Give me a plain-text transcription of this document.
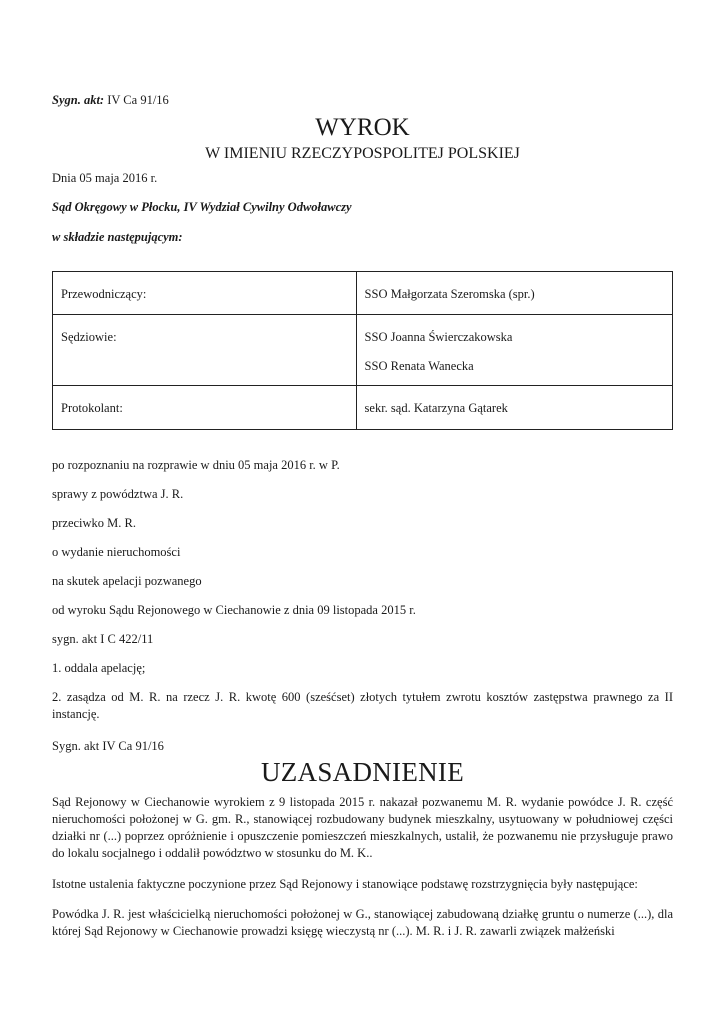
Sygn. akt: IV Ca 91/16

WYROK
W IMIENIU RZECZYPOSPOLITEJ POLSKIEJ

Dnia 05 maja 2016 r.

Sąd Okręgowy w Płocku, IV Wydział Cywilny Odwoławczy

w składzie następującym:

Przewodniczący:	SSO Małgorzata Szeromska (spr.)

Sędziowie:	SSO Joanna Świerczakowska
SSO Renata Wanecka

Protokolant:	sekr. sąd. Katarzyna Gątarek

po rozpoznaniu na rozprawie w dniu 05 maja 2016 r. w P.

sprawy z powództwa J. R.

przeciwko M. R.

o wydanie nieruchomości

na skutek apelacji pozwanego

od wyroku Sądu Rejonowego w Ciechanowie z dnia 09 listopada 2015 r.

sygn. akt I C 422/11

1. oddala apelację;

2. zasądza od M. R. na rzecz J. R. kwotę 600 (sześćset) złotych tytułem zwrotu kosztów zastępstwa prawnego za II instancję.

Sygn. akt IV Ca 91/16

UZASADNIENIE

Sąd Rejonowy w Ciechanowie wyrokiem z 9 listopada 2015 r. nakazał pozwanemu M. R. wydanie powódce J. R. część nieruchomości położonej w G. gm. R., stanowiącej rozbudowany budynek mieszkalny, usytuowany w południowej części działki nr (...) poprzez opróżnienie i opuszczenie pomieszczeń mieszkalnych, ustalił, że pozwanemu nie przysługuje prawo do lokalu socjalnego i oddalił powództwo w stosunku do M. K..

Istotne ustalenia faktyczne poczynione przez Sąd Rejonowy i stanowiące podstawę rozstrzygnięcia były następujące:

Powódka J. R. jest właścicielką nieruchomości położonej w G., stanowiącej zabudowaną działkę gruntu o numerze (...), dla której Sąd Rejonowy w Ciechanowie prowadzi księgę wieczystą nr (...). M. R. i J. R. zawarli związek małżeński
